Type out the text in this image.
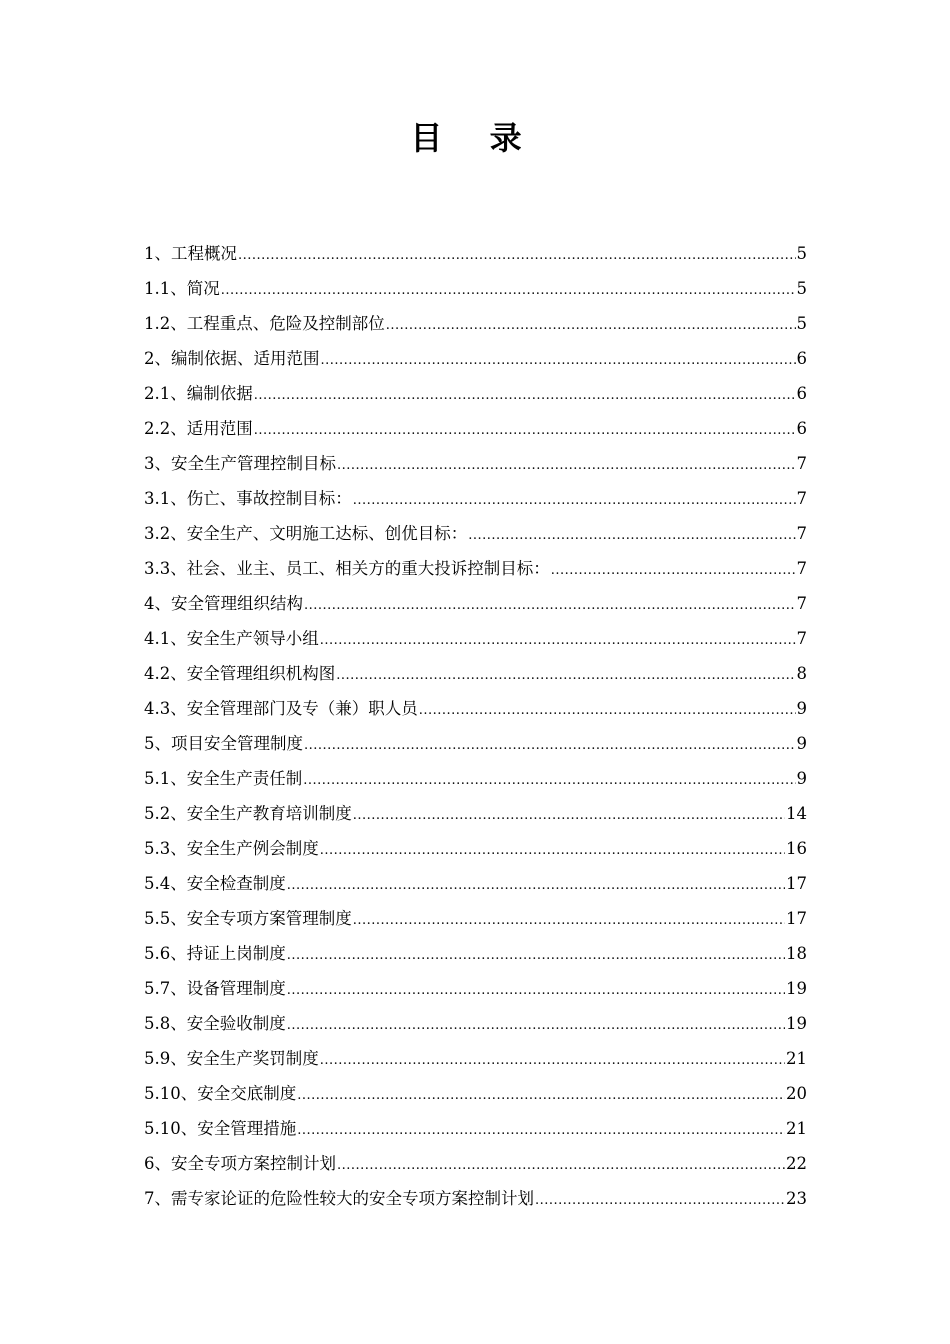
目 录
1、工程概况 .....	5
1.1、简况 .....	5
1.2、工程重点、危险及控制部位 .....	5
2、编制依据、适用范围 .....	6
2.1、编制依据 .....	6
2.2、适用范围 .....	6
3、安全生产管理控制目标 .....	7
3.1、伤亡、事故控制目标： .....	7
3.2、安全生产、文明施工达标、创优目标： .....	7
3.3、社会、业主、员工、相关方的重大投诉控制目标： .....	7
4、安全管理组织结构 .....	7
4.1、安全生产领导小组 .....	7
4.2、安全管理组织机构图 .....	8
4.3、安全管理部门及专（兼）职人员 .....	9
5、项目安全管理制度 .....	9
5.1、安全生产责任制 .....	9
5.2、安全生产教育培训制度 .....	14
5.3、安全生产例会制度 .....	16
5.4、安全检查制度 .....	17
5.5、安全专项方案管理制度 .....	17
5.6、持证上岗制度 .....	18
5.7、设备管理制度 .....	19
5.8、安全验收制度 .....	19
5.9、安全生产奖罚制度 .....	21
5.10、安全交底制度 .....	20
5.10、安全管理措施 .....	21
6、安全专项方案控制计划 .....	22
7、需专家论证的危险性较大的安全专项方案控制计划 .....	23
